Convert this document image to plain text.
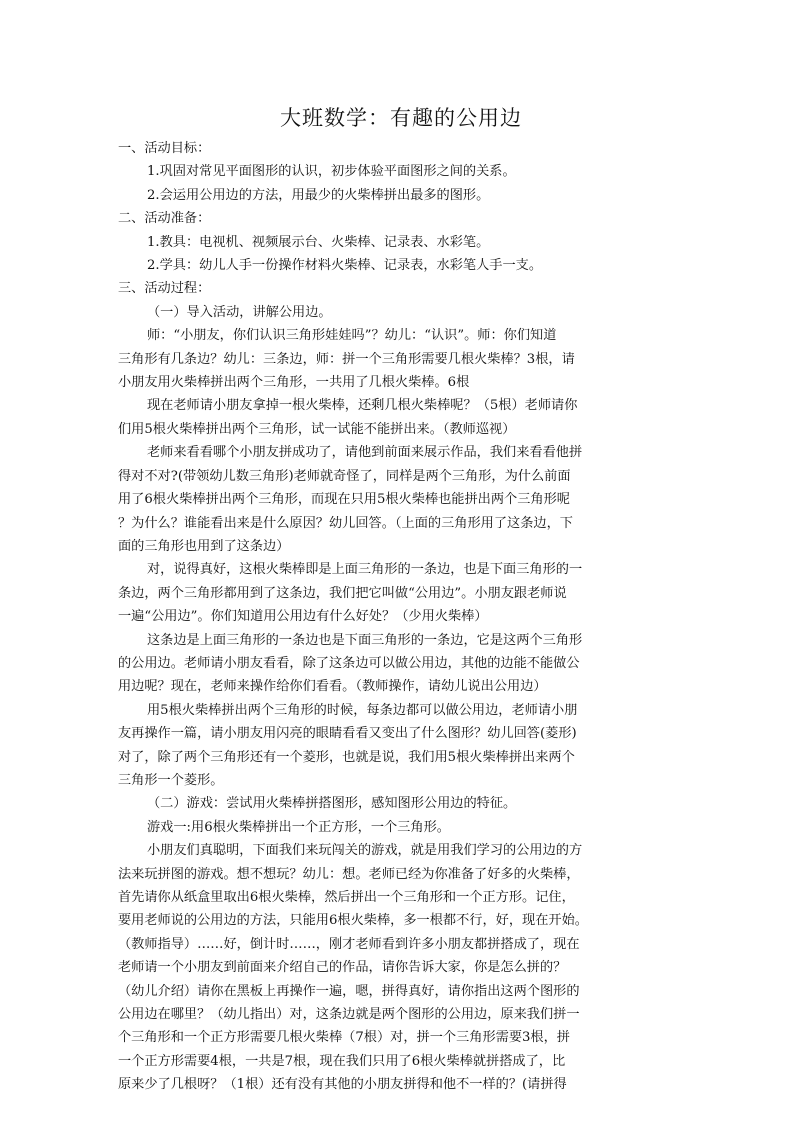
大班数学：有趣的公用边

一、活动目标：

1.巩固对常见平面图形的认识，初步体验平面图形之间的关系。

2.会运用公用边的方法，用最少的火柴棒拼出最多的图形。

二、活动准备：

1.教具：电视机、视频展示台、火柴棒、记录表、水彩笔。

2.学具：幼儿人手一份操作材料火柴棒、记录表，水彩笔人手一支。

三、活动过程：

（一）导入活动，讲解公用边。

师：“小朋友，你们认识三角形娃娃吗”？幼儿：“认识”。师：你们知道

三角形有几条边？幼儿：三条边，师：拼一个三角形需要几根火柴棒？3根，请

小朋友用火柴棒拼出两个三角形，一共用了几根火柴棒。6根

现在老师请小朋友拿掉一根火柴棒，还剩几根火柴棒呢？（5根）老师请你

们用5根火柴棒拼出两个三角形，试一试能不能拼出来。（教师巡视）

老师来看看哪个小朋友拼成功了，请他到前面来展示作品，我们来看看他拼

得对不对?(带领幼儿数三角形)老师就奇怪了，同样是两个三角形，为什么前面

用了6根火柴棒拼出两个三角形，而现在只用5根火柴棒也能拼出两个三角形呢

？为什么？谁能看出来是什么原因？幼儿回答。（上面的三角形用了这条边，下

面的三角形也用到了这条边）

对，说得真好，这根火柴棒即是上面三角形的一条边，也是下面三角形的一

条边，两个三角形都用到了这条边，我们把它叫做“公用边”。小朋友跟老师说

一遍“公用边”。你们知道用公用边有什么好处？（少用火柴棒）

这条边是上面三角形的一条边也是下面三角形的一条边，它是这两个三角形

的公用边。老师请小朋友看看，除了这条边可以做公用边，其他的边能不能做公

用边呢？现在，老师来操作给你们看看。（教师操作，请幼儿说出公用边）

用5根火柴棒拼出两个三角形的时候，每条边都可以做公用边，老师请小朋

友再操作一篇，请小朋友用闪亮的眼睛看看又变出了什么图形？幼儿回答(菱形)

对了，除了两个三角形还有一个菱形，也就是说，我们用5根火柴棒拼出来两个

三角形一个菱形。

（二）游戏：尝试用火柴棒拼搭图形，感知图形公用边的特征。

游戏一:用6根火柴棒拼出一个正方形，一个三角形。

小朋友们真聪明，下面我们来玩闯关的游戏，就是用我们学习的公用边的方

法来玩拼图的游戏。想不想玩？幼儿：想。老师已经为你准备了好多的火柴棒，

首先请你从纸盒里取出6根火柴棒，然后拼出一个三角形和一个正方形。记住，

要用老师说的公用边的方法，只能用6根火柴棒，多一根都不行，好，现在开始。

（教师指导）……好，倒计时……，刚才老师看到许多小朋友都拼搭成了，现在

老师请一个小朋友到前面来介绍自己的作品，请你告诉大家，你是怎么拼的？

（幼儿介绍）请你在黑板上再操作一遍，嗯，拼得真好，请你指出这两个图形的

公用边在哪里？（幼儿指出）对，这条边就是两个图形的公用边，原来我们拼一

个三角形和一个正方形需要几根火柴棒（7根）对，拼一个三角形需要3根，拼

一个正方形需要4根，一共是7根，现在我们只用了6根火柴棒就拼搭成了，比

原来少了几根呀？（1根）还有没有其他的小朋友拼得和他不一样的？(请拼得
